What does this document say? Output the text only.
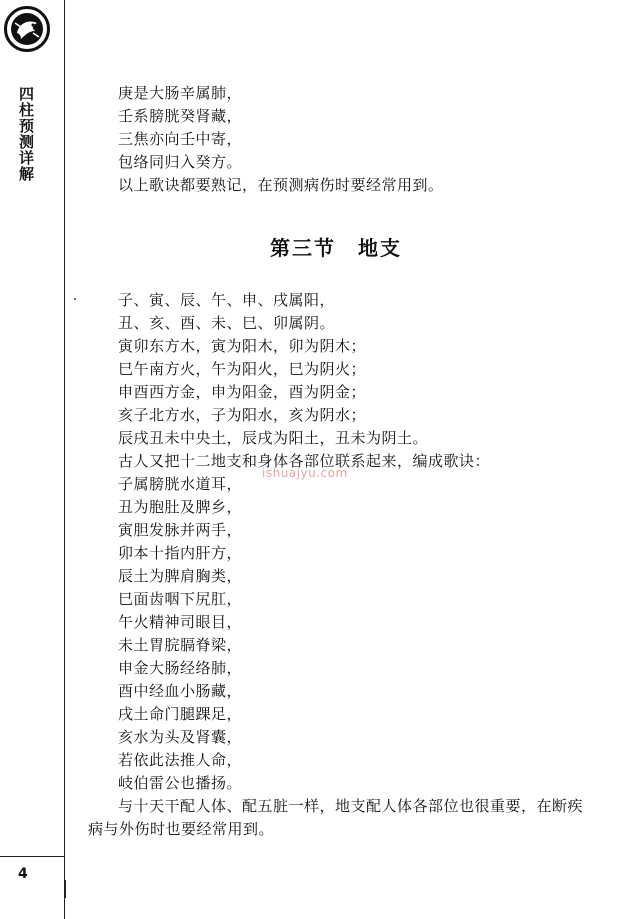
四柱预测详解
4
庚是大肠辛属肺，
壬系膀胱癸肾藏，
三焦亦向壬中寄，
包络同归入癸方。
以上歌诀都要熟记，在预测病伤时要经常用到。
第三节　地支
子、寅、辰、午、申、戌属阳，
丑、亥、酉、未、巳、卯属阴。
寅卯东方木，寅为阳木，卯为阴木；
巳午南方火，午为阳火，巳为阴火；
申酉西方金，申为阳金，酉为阴金；
亥子北方水，子为阳水，亥为阴水；
辰戌丑未中央土，辰戌为阳土，丑未为阴土。
古人又把十二地支和身体各部位联系起来，编成歌诀：
ishuajyu.com
子属膀胱水道耳，
丑为胞肚及脾乡，
寅胆发脉并两手，
卯本十指内肝方，
辰土为脾肩胸类，
巳面齿咽下尻肛，
午火精神司眼目，
未土胃脘膈脊梁，
申金大肠经络肺，
酉中经血小肠藏，
戌土命门腿踝足，
亥水为头及肾囊，
若依此法推人命，
岐伯雷公也播扬。
与十天干配人体、配五脏一样，地支配人体各部位也很重要，在断疾
病与外伤时也要经常用到。
